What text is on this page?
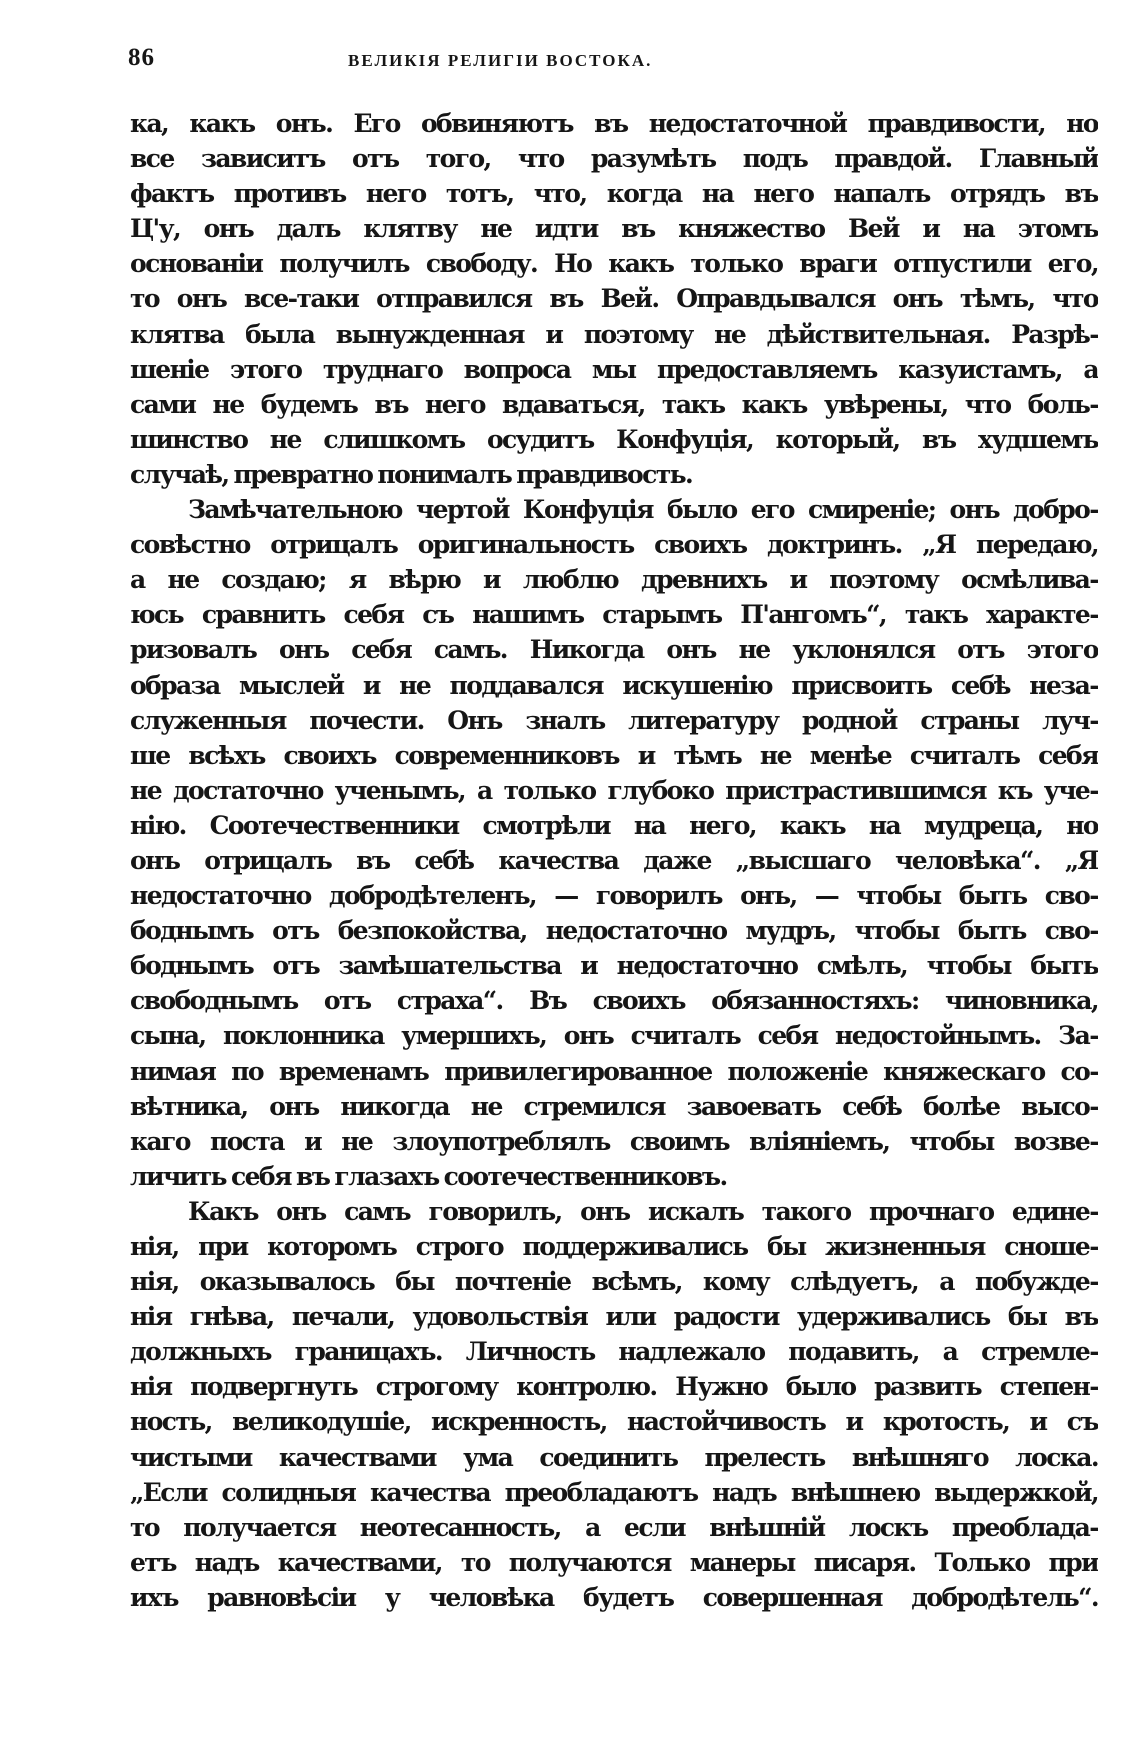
86	ВЕЛИКІЯ РЕЛИГІИ ВОСТОКА.
ка, какъ онъ. Его обвиняютъ въ недостаточной правдивости, но
все зависитъ отъ того, что разумѣть подъ правдой. Главный
фактъ противъ него тотъ, что, когда на него напалъ отрядъ въ
Ц'у, онъ далъ клятву не идти въ княжество Вей и на этомъ
основаніи получилъ свободу. Но какъ только враги отпустили его,
то онъ все-таки отправился въ Вей. Оправдывался онъ тѣмъ, что
клятва была вынужденная и поэтому не дѣйствительная. Разрѣ-
шеніе этого труднаго вопроса мы предоставляемъ казуистамъ, а
сами не будемъ въ него вдаваться, такъ какъ увѣрены, что боль-
шинство не слишкомъ осудитъ Конфуція, который, въ худшемъ
случаѣ, превратно понималъ правдивость.
Замѣчательною чертой Конфуція было его смиреніе; онъ добро-
совѣстно отрицалъ оригинальность своихъ доктринъ. „Я передаю,
а не создаю; я вѣрю и люблю древнихъ и поэтому осмѣлива-
юсь сравнить себя съ нашимъ старымъ П'ангомъ“, такъ характе-
ризовалъ онъ себя самъ. Никогда онъ не уклонялся отъ этого
образа мыслей и не поддавался искушенію присвоить себѣ неза-
служенныя почести. Онъ зналъ литературу родной страны луч-
ше всѣхъ своихъ современниковъ и тѣмъ не менѣе считалъ себя
не достаточно ученымъ, а только глубоко пристрастившимся къ уче-
нію. Соотечественники смотрѣли на него, какъ на мудреца, но
онъ отрицалъ въ себѣ качества даже „высшаго человѣка“. „Я
недостаточно добродѣтеленъ, — говорилъ онъ, — чтобы быть сво-
боднымъ отъ безпокойства, недостаточно мудръ, чтобы быть сво-
боднымъ отъ замѣшательства и недостаточно смѣлъ, чтобы быть
свободнымъ отъ страха“. Въ своихъ обязанностяхъ: чиновника,
сына, поклонника умершихъ, онъ считалъ себя недостойнымъ. За-
нимая по временамъ привилегированное положеніе княжескаго со-
вѣтника, онъ никогда не стремился завоевать себѣ болѣе высо-
каго поста и не злоупотреблялъ своимъ вліяніемъ, чтобы возве-
личить себя въ глазахъ соотечественниковъ.
Какъ онъ самъ говорилъ, онъ искалъ такого прочнаго едине-
нія, при которомъ строго поддерживались бы жизненныя сноше-
нія, оказывалось бы почтеніе всѣмъ, кому слѣдуетъ, а побужде-
нія гнѣва, печали, удовольствія или радости удерживались бы въ
должныхъ границахъ. Личность надлежало подавить, а стремле-
нія подвергнуть строгому контролю. Нужно было развить степен-
ность, великодушіе, искренность, настойчивость и кротость, и съ
чистыми качествами ума соединить прелесть внѣшняго лоска.
„Если солидныя качества преобладаютъ надъ внѣшнею выдержкой,
то получается неотесанность, а если внѣшній лоскъ преоблада-
етъ надъ качествами, то получаются манеры писаря. Только при
ихъ равновѣсіи у человѣка будетъ совершенная добродѣтель“.
